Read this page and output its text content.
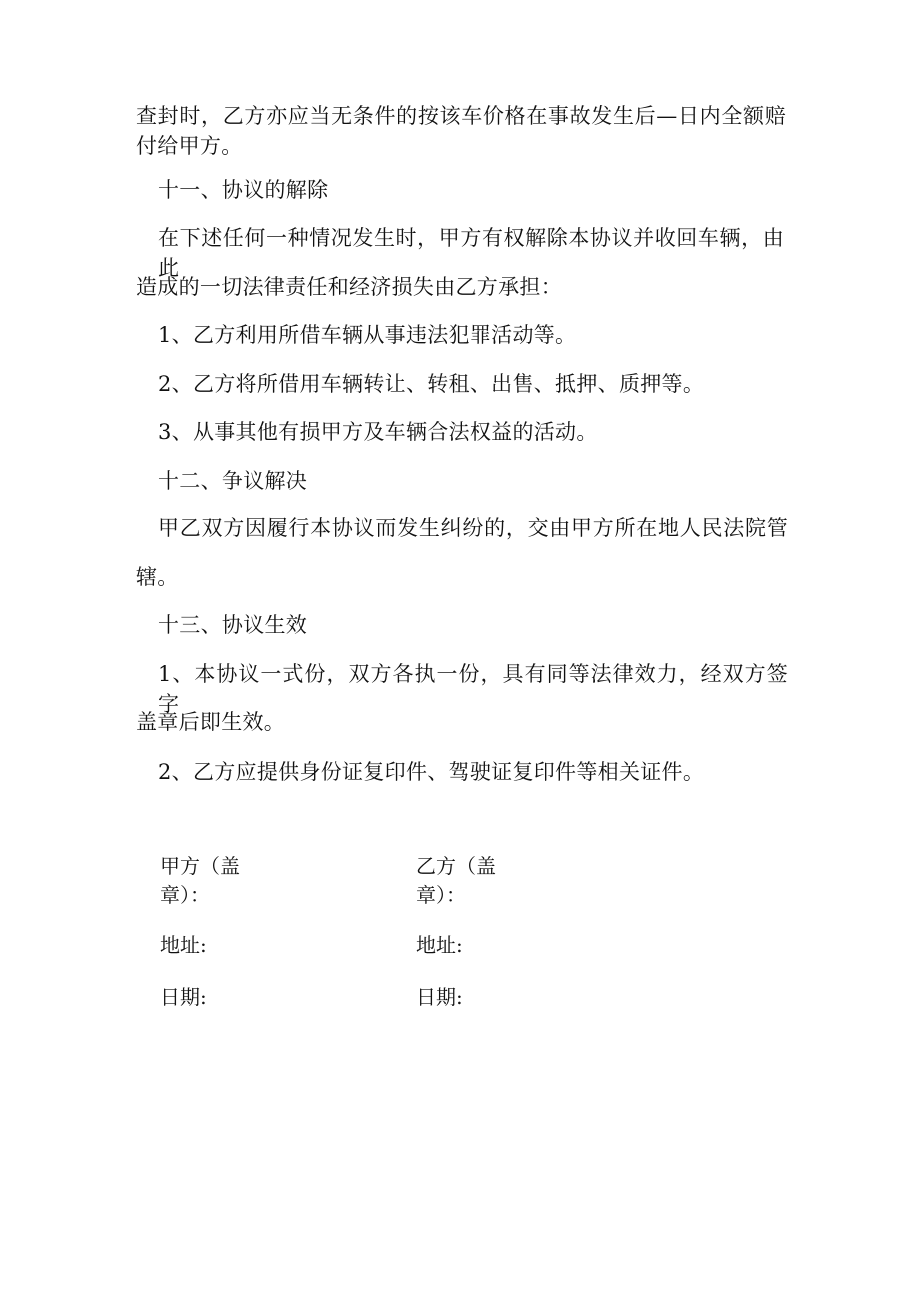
查封时，乙方亦应当无条件的按该车价格在事故发生后—日内全额赔
付给甲方。
十一、协议的解除
在下述任何一种情况发生时，甲方有权解除本协议并收回车辆，由此
造成的一切法律责任和经济损失由乙方承担：
1、乙方利用所借车辆从事违法犯罪活动等。
2、乙方将所借用车辆转让、转租、出售、抵押、质押等。
3、从事其他有损甲方及车辆合法权益的活动。
十二、争议解决
甲乙双方因履行本协议而发生纠纷的，交由甲方所在地人民法院管
辖。
十三、协议生效
1、本协议一式份，双方各执一份，具有同等法律效力，经双方签字
盖章后即生效。
2、乙方应提供身份证复印件、驾驶证复印件等相关证件。
甲方（盖
章）：
乙方（盖
章）：
地址:	地址:
日期:	日期:
